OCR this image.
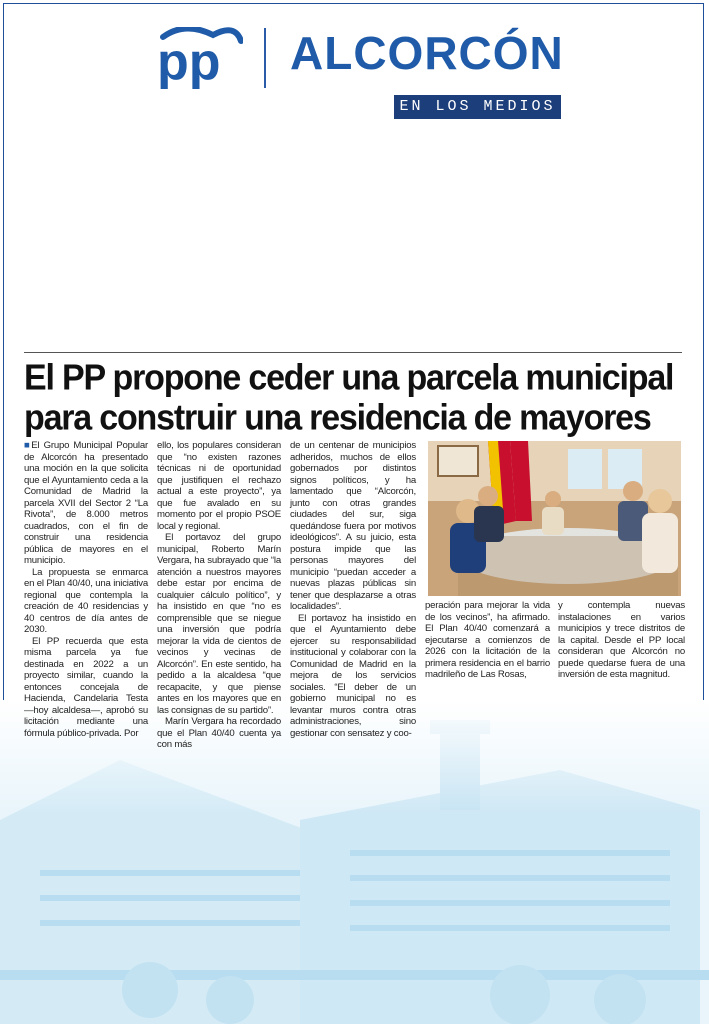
pp ALCORCÓN
EN LOS MEDIOS
El PP propone ceder una parcela municipal para construir una residencia de mayores

■El Grupo Municipal Popular de Alcorcón ha presentado una moción en la que solicita que el Ayuntamiento ceda a la Comunidad de Madrid la parcela XVII del Sector 2 “La Rivota”, de 8.000 metros cuadrados, con el fin de construir una residencia pública de mayores en el municipio.

La propuesta se enmarca en el Plan 40/40, una iniciativa regional que contempla la creación de 40 residencias y 40 centros de día antes de 2030.

El PP recuerda que esta misma parcela ya fue destinada en 2022 a un proyecto similar, cuando la entonces concejala de Hacienda, Candelaria Testa —hoy alcaldesa—, aprobó su licitación mediante una fórmula público-privada. Por

ello, los populares consideran que “no existen razones técnicas ni de oportunidad que justifiquen el rechazo actual a este proyecto”, ya que fue avalado en su momento por el propio PSOE local y regional.

El portavoz del grupo municipal, Roberto Marín Vergara, ha subrayado que “la atención a nuestros mayores debe estar por encima de cualquier cálculo político”, y ha insistido en que “no es comprensible que se niegue una inversión que podría mejorar la vida de cientos de vecinos y vecinas de Alcorcón”. En este sentido, ha pedido a la alcaldesa “que recapacite, y que piense antes en los mayores que en las consignas de su partido”.

Marín Vergara ha recordado que el Plan 40/40 cuenta ya con más

de un centenar de municipios adheridos, muchos de ellos gobernados por distintos signos políticos, y ha lamentado que “Alcorcón, junto con otras grandes ciudades del sur, siga quedándose fuera por motivos ideológicos”. A su juicio, esta postura impide que las personas mayores del municipio “puedan acceder a nuevas plazas públicas sin tener que desplazarse a otras localidades”.

El portavoz ha insistido en que el Ayuntamiento debe ejercer su responsabilidad institucional y colaborar con la Comunidad de Madrid en la mejora de los servicios sociales. “El deber de un gobierno municipal no es levantar muros contra otras administraciones, sino gestionar con sensatez y coo-

peración para mejorar la vida de los vecinos”, ha afirmado. El Plan 40/40 comenzará a ejecutarse a comienzos de 2026 con la licitación de la primera residencia en el barrio madrileño de Las Rosas,

y contempla nuevas instalaciones en varios municipios y trece distritos de la capital. Desde el PP local consideran que Alcorcón no puede quedarse fuera de una inversión de esta magnitud.
